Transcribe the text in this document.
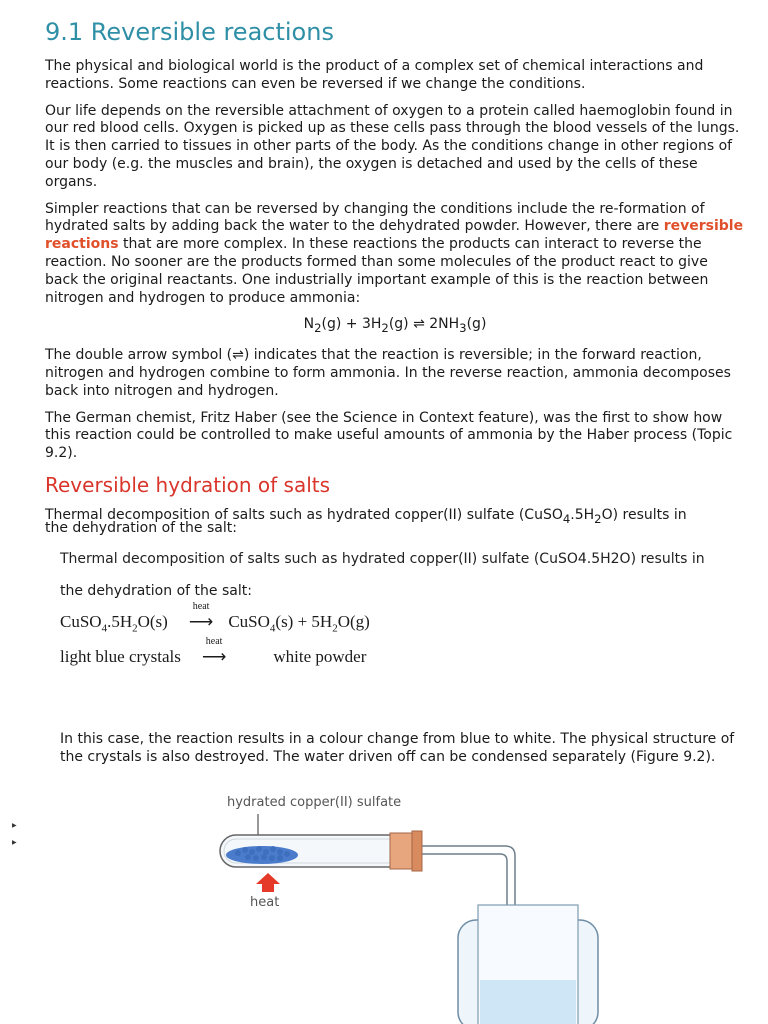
9.1 Reversible reactions

The physical and biological world is the product of a complex set of chemical interactions and reactions. Some reactions can even be reversed if we change the conditions.

Our life depends on the reversible attachment of oxygen to a protein called haemoglobin found in our red blood cells. Oxygen is picked up as these cells pass through the blood vessels of the lungs. It is then carried to tissues in other parts of the body. As the conditions change in other regions of our body (e.g. the muscles and brain), the oxygen is detached and used by the cells of these organs.

Simpler reactions that can be reversed by changing the conditions include the re-formation of hydrated salts by adding back the water to the dehydrated powder. However, there are reversible reactions that are more complex. In these reactions the products can interact to reverse the reaction. No sooner are the products formed than some molecules of the product react to give back the original reactants. One industrially important example of this is the reaction between nitrogen and hydrogen to produce ammonia:

$N_2(g) + 3H_2(g)$ ⇌ $2NH_3(g)$

The double arrow symbol (⇌) indicates that the reaction is reversible; in the forward reaction, nitrogen and hydrogen combine to form ammonia. In the reverse reaction, ammonia decomposes back into nitrogen and hydrogen.

The German chemist, Fritz Haber (see the Science in Context feature), was the first to show how this reaction could be controlled to make useful amounts of ammonia by the Haber process (Topic 9.2).

Reversible hydration of salts

Thermal decomposition of salts such as hydrated copper(II) sulfate $(CuSO_4.5H_2O)$ results in

the dehydration of the salt:
Thermal decomposition of salts such as hydrated copper(II) sulfate (CuSO4.5H2O) results in
the dehydration of the salt:
$CuSO_4.5H_2O(s)$
heat
⟶ CuSO$_4$(s) + $5H_2O(g)$
light blue crystals
heat
⟶	white powder
In this case, the reaction results in a colour change from blue to white. The physical structure of the crystals is also destroyed. The water driven off can be condensed separately (Figure 9.2).
▶
▶
hydrated copper(II) sulfate
heat
